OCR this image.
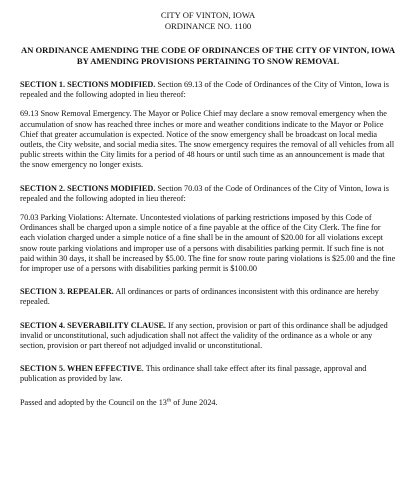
CITY OF VINTON, IOWA

ORDINANCE NO. 1100

AN ORDINANCE AMENDING THE CODE OF ORDINANCES OF THE CITY OF VINTON, IOWA BY AMENDING PROVISIONS PERTAINING TO SNOW REMOVAL

SECTION 1. SECTIONS MODIFIED. Section 69.13 of the Code of Ordinances of the City of Vinton, Iowa is repealed and the following adopted in lieu thereof:

69.13 Snow Removal Emergency. The Mayor or Police Chief may declare a snow removal emergency when the accumulation of snow has reached three inches or more and weather conditions indicate to the Mayor or Police Chief that greater accumulation is expected. Notice of the snow emergency shall be broadcast on local media outlets, the City website, and social media sites. The snow emergency requires the removal of all vehicles from all public streets within the City limits for a period of 48 hours or until such time as an announcement is made that the snow emergency no longer exists.

SECTION 2. SECTIONS MODIFIED. Section 70.03 of the Code of Ordinances of the City of Vinton, Iowa is repealed and the following adopted in lieu thereof:

70.03 Parking Violations: Alternate. Uncontested violations of parking restrictions imposed by this Code of Ordinances shall be charged upon a simple notice of a fine payable at the office of the City Clerk. The fine for each violation charged under a simple notice of a fine shall be in the amount of $20.00 for all violations except snow route parking violations and improper use of a persons with disabilities parking permit. If such fine is not paid within 30 days, it shall be increased by $5.00. The fine for snow route paring violations is $25.00 and the fine for improper use of a persons with disabilities parking permit is $100.00

SECTION 3. REPEALER. All ordinances or parts of ordinances inconsistent with this ordinance are hereby repealed.

SECTION 4. SEVERABILITY CLAUSE. If any section, provision or part of this ordinance shall be adjudged invalid or unconstitutional, such adjudication shall not affect the validity of the ordinance as a whole or any section, provision or part thereof not adjudged invalid or unconstitutional.

SECTION 5. WHEN EFFECTIVE. This ordinance shall take effect after its final passage, approval and publication as provided by law.

Passed and adopted by the Council on the 13th of June 2024.
